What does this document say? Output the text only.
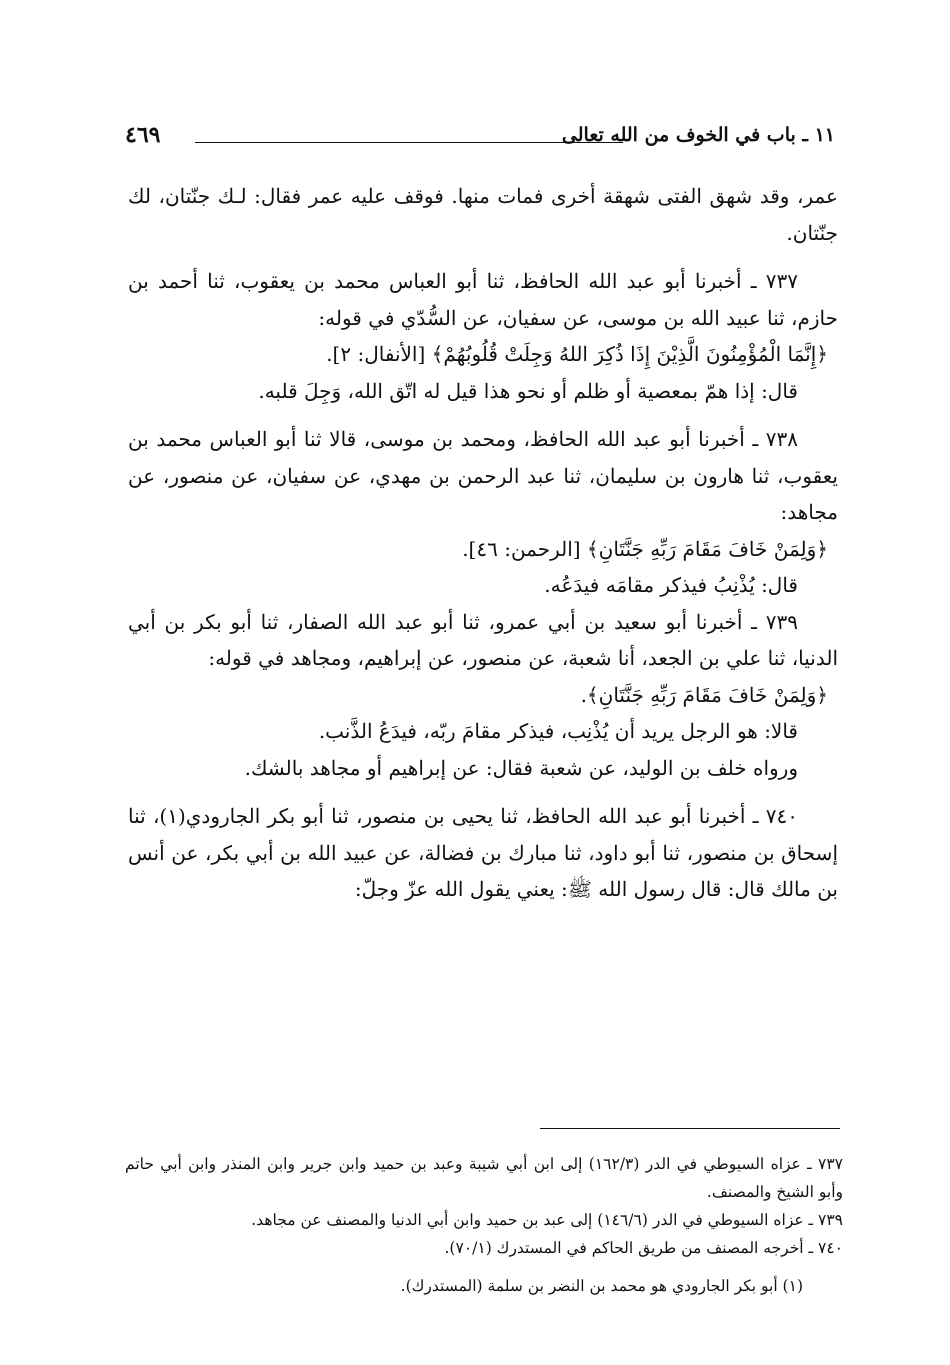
١١ ـ باب في الخوف من الله تعالى
٤٦٩

عمر، وقد شهق الفتى شهقة أخرى فمات منها. فوقف عليه عمر فقال: لـك جنّتان، لك جنّتان.

٧٣٧ ـ أخبرنا أبو عبد الله الحافظ، ثنا أبو العباس محمد بن يعقوب، ثنا أحمد بن حازم، ثنا عبيد الله بن موسى، عن سفيان، عن السُّدّي في قوله:

﴿إِنَّمَا الْمُؤْمِنُونَ الَّذِيْنَ إِذَا ذُكِرَ اللهُ وَجِلَتْ قُلُوبُهُمْ﴾ [الأنفال: ٢].

قال: إذا همّ بمعصية أو ظلم أو نحو هذا قيل له اتّق الله، وَجِلَ قلبه.

٧٣٨ ـ أخبرنا أبو عبد الله الحافظ، ومحمد بن موسى، قالا ثنا أبو العباس محمد بن يعقوب، ثنا هارون بن سليمان، ثنا عبد الرحمن بن مهدي، عن سفيان، عن منصور، عن مجاهد:

﴿وَلِمَنْ خَافَ مَقَامَ رَبِّهِ جَنَّتَانِ﴾ [الرحمن: ٤٦].

قال: يُذْنِبُ فيذكر مقامَه فيدَعُه.

٧٣٩ ـ أخبرنا أبو سعيد بن أبي عمرو، ثنا أبو عبد الله الصفار، ثنا أبو بكر بن أبي الدنيا، ثنا علي بن الجعد، أنا شعبة، عن منصور، عن إبراهيم، ومجاهد في قوله:

﴿وَلِمَنْ خَافَ مَقَامَ رَبِّهِ جَنَّتَانِ﴾.

قالا: هو الرجل يريد أن يُذْنِب، فيذكر مقامَ ربّه، فيدَعُ الذَّنب.

ورواه خلف بن الوليد، عن شعبة فقال: عن إبراهيم أو مجاهد بالشك.

٧٤٠ ـ أخبرنا أبو عبد الله الحافظ، ثنا يحيى بن منصور، ثنا أبو بكر الجارودي(١)، ثنا إسحاق بن منصور، ثنا أبو داود، ثنا مبارك بن فضالة، عن عبيد الله بن أبي بكر، عن أنس بن مالك قال: قال رسول الله ﷺ: يعني يقول الله عزّ وجلّ:

٧٣٧ ـ عزاه السيوطي في الدر (١٦٢/٣) إلى ابن أبي شيبة وعبد بن حميد وابن جرير وابن المنذر وابن أبي حاتم وأبو الشيخ والمصنف.

٧٣٩ ـ عزاه السيوطي في الدر (١٤٦/٦) إلى عبد بن حميد وابن أبي الدنيا والمصنف عن مجاهد.

٧٤٠ ـ أخرجه المصنف من طريق الحاكم في المستدرك (٧٠/١).

(١) أبو بكر الجارودي هو محمد بن النضر بن سلمة (المستدرك).
